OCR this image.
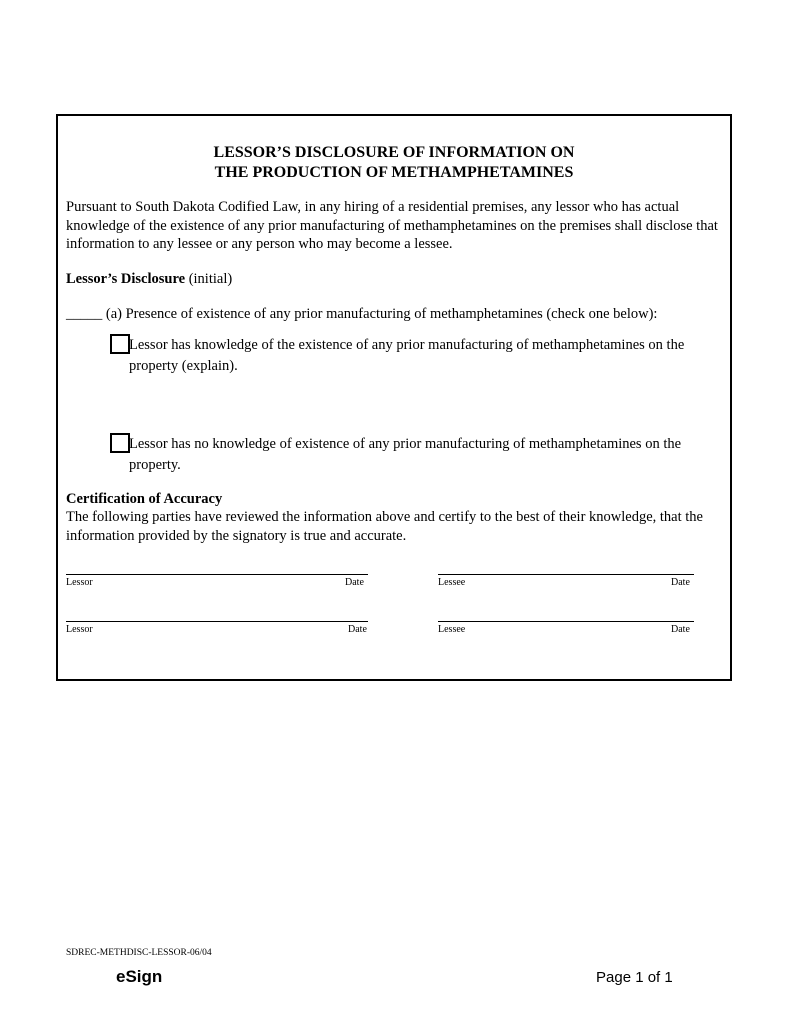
LESSOR’S DISCLOSURE OF INFORMATION ON
THE PRODUCTION OF METHAMPHETAMINES
Pursuant to South Dakota Codified Law, in any hiring of a residential premises, any lessor who has actual knowledge of the existence of any prior manufacturing of methamphetamines on the premises shall disclose that information to any lessee or any person who may become a lessee.
Lessor’s Disclosure (initial)
_____ (a) Presence of existence of any prior manufacturing of methamphetamines (check one below):
Lessor has knowledge of the existence of any prior manufacturing of methamphetamines on the property (explain).
Lessor has no knowledge of existence of any prior manufacturing of methamphetamines on the property.
Certification of Accuracy
The following parties have reviewed the information above and certify to the best of their knowledge, that the information provided by the signatory is true and accurate.
Lessor	Date	Lessee	Date
Lessor	Date	Lessee	Date
SDREC-METHDISC-LESSOR-06/04
eSign	Page 1 of 1
